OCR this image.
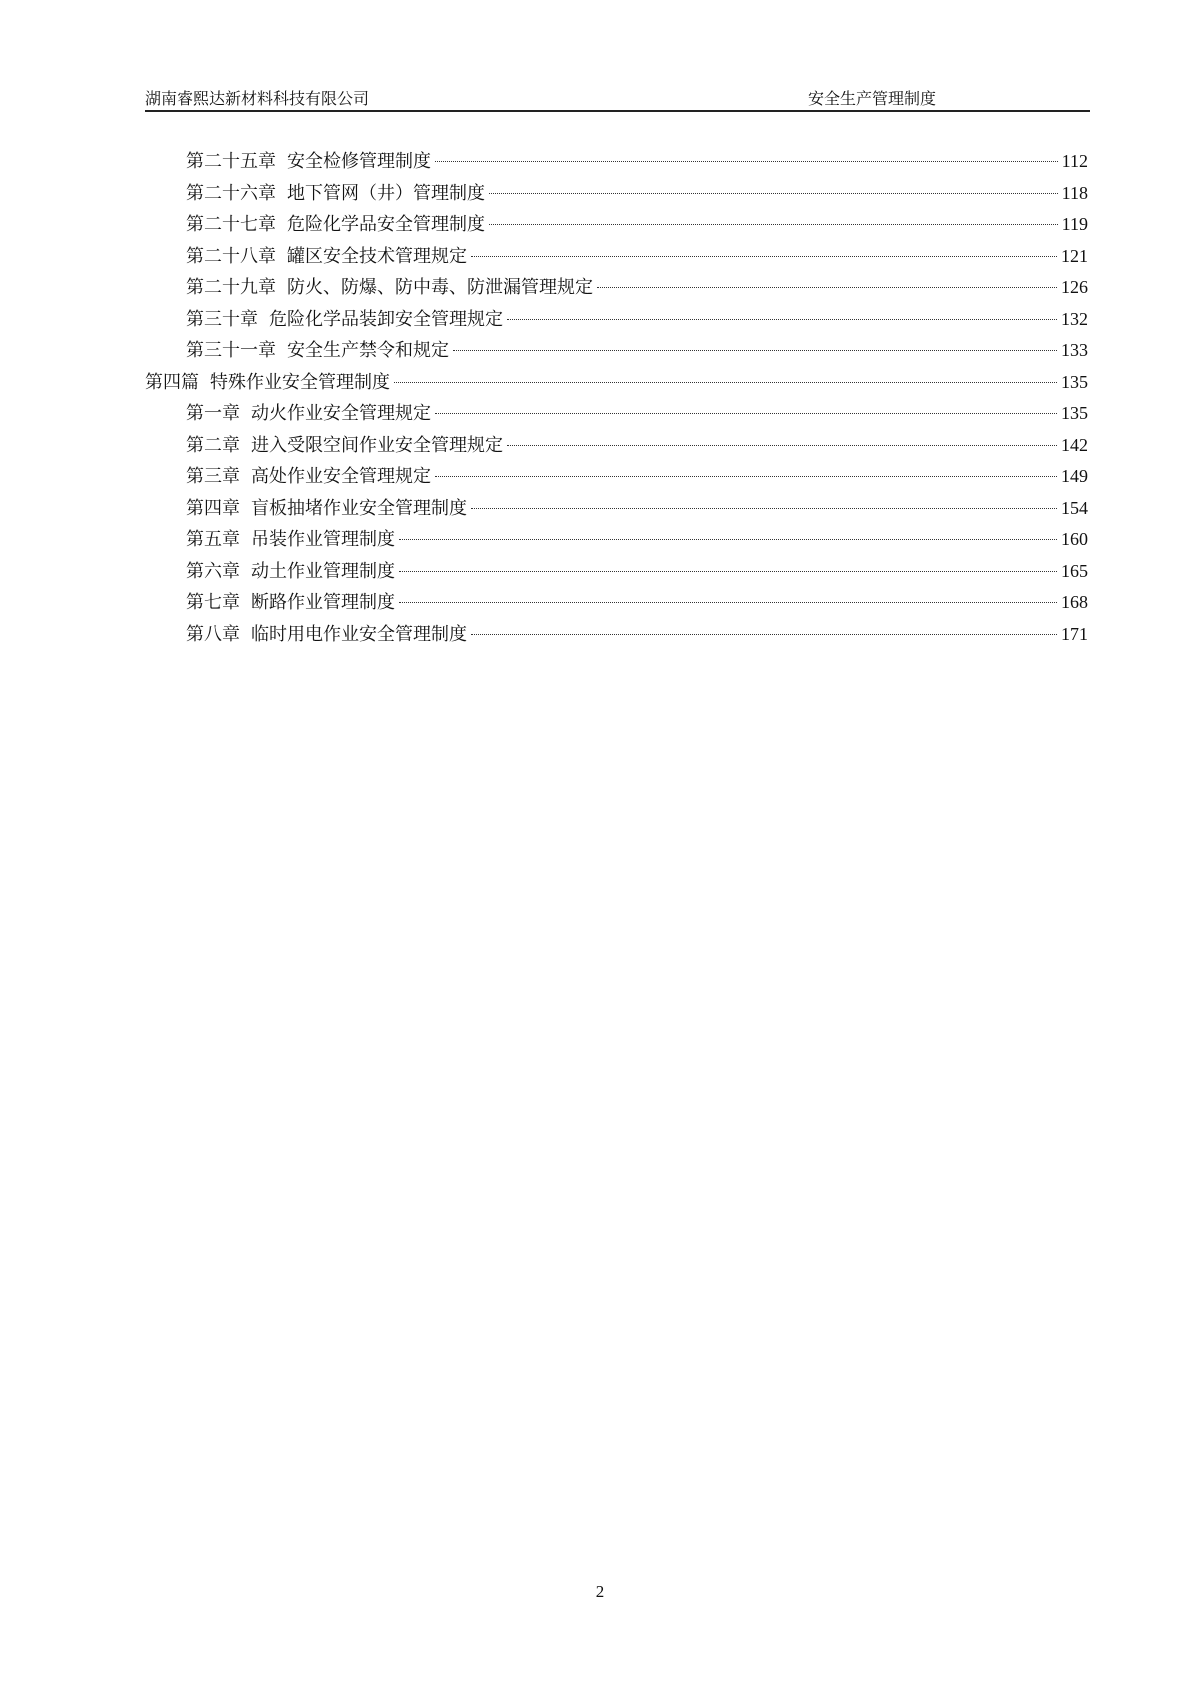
湖南睿熙达新材料科技有限公司	安全生产管理制度
第二十五章 安全检修管理制度	112
第二十六章 地下管网（井）管理制度	118
第二十七章 危险化学品安全管理制度	119
第二十八章 罐区安全技术管理规定	121
第二十九章 防火、防爆、防中毒、防泄漏管理规定	126
第三十章 危险化学品装卸安全管理规定	132
第三十一章 安全生产禁令和规定	133
第四篇 特殊作业安全管理制度	135
第一章 动火作业安全管理规定	135
第二章 进入受限空间作业安全管理规定	142
第三章 高处作业安全管理规定	149
第四章 盲板抽堵作业安全管理制度	154
第五章 吊装作业管理制度	160
第六章 动土作业管理制度	165
第七章 断路作业管理制度	168
第八章 临时用电作业安全管理制度	171
2
